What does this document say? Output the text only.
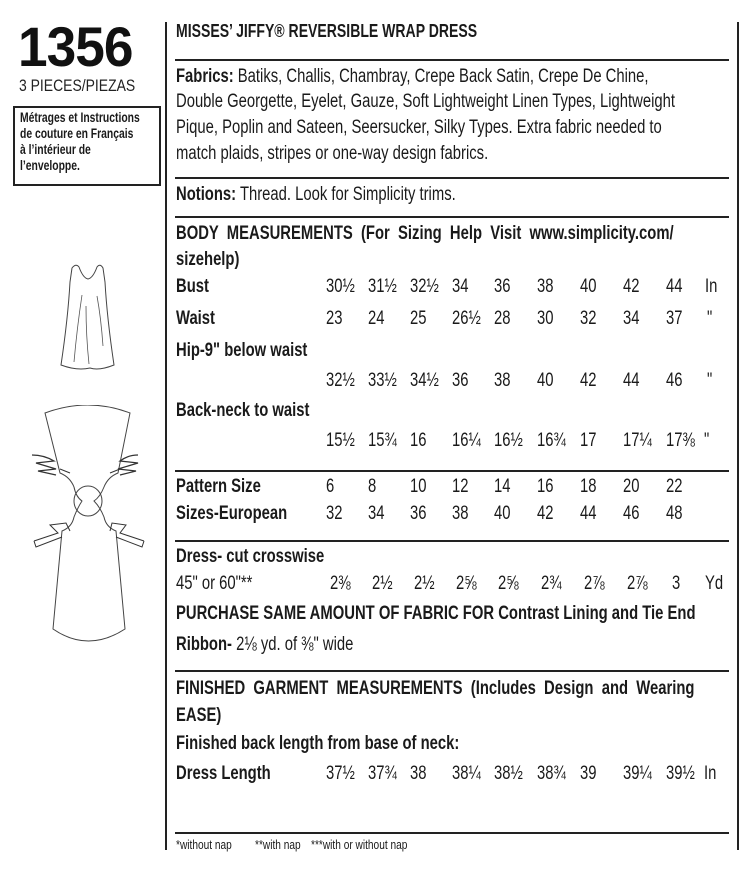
1356
3 PIECES/PIEZAS
Métrages et Instructions
de couture en Français
à l’intérieur de
l’enveloppe.
MISSES’ JIFFY® REVERSIBLE WRAP DRESS
Fabrics: Batiks, Challis, Chambray, Crepe Back Satin, Crepe De Chine,
Double Georgette, Eyelet, Gauze, Soft Lightweight Linen Types, Lightweight
Pique, Poplin and Sateen, Seersucker, Silky Types. Extra fabric needed to
match plaids, stripes or one-way design fabrics.
Notions: Thread. Look for Simplicity trims.
BODY  MEASUREMENTS  (For  Sizing  Help  Visit  www.simplicity.com/
sizehelp)
Bust	30½ 31½ 32½ 34 36 38 40 42 44 In
Waist	23 24 25 26½ 28 30 32 34 37 "
Hip-9" below waist
32½ 33½ 34½ 36 38 40 42 44 46 "
Back-neck to waist
15½ 15¾ 16 16¼ 16½ 16¾ 17 17¼ 17⅜ "
Pattern Size	6 8 10 12 14 16 18 20 22
Sizes-European 32 34 36 38 40 42 44 46 48
Dress- cut crosswise
45" or 60"**	2⅜ 2½ 2½ 2⅝ 2⅝ 2¾ 2⅞ 2⅞ 3 Yd
PURCHASE SAME AMOUNT OF FABRIC FOR Contrast Lining and Tie End
Ribbon- 2⅛ yd. of ⅜" wide
FINISHED  GARMENT  MEASUREMENTS  (Includes  Design  and  Wearing
EASE)
Finished back length from base of neck:
Dress Length	37½ 37¾ 38 38¼ 38½ 38¾ 39 39¼ 39½ In
*without nap **with nap ***with or without nap
